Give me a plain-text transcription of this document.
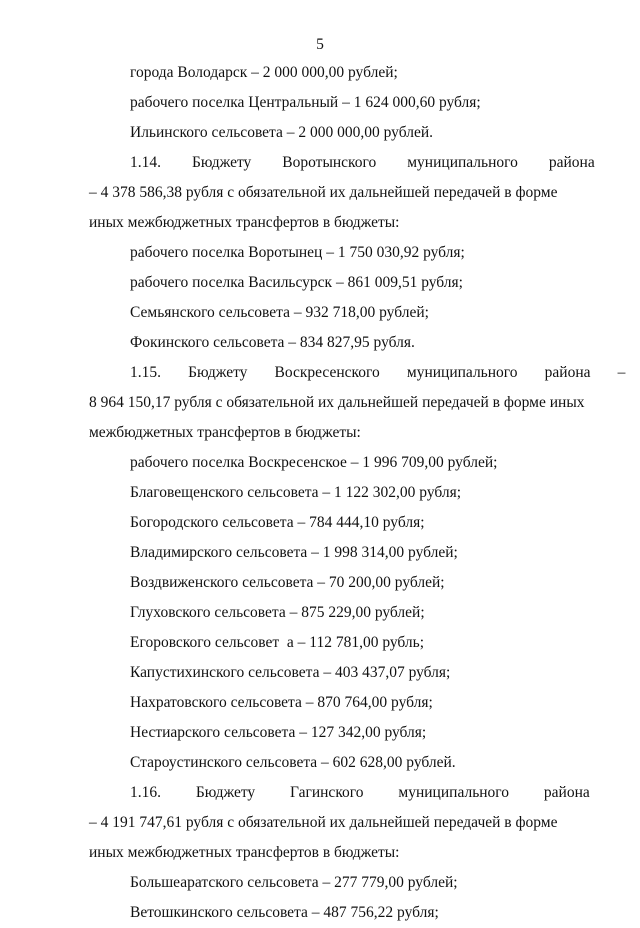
5
города Володарск – 2 000 000,00 рублей;
рабочего поселка Центральный – 1 624 000,60 рубля;
Ильинского сельсовета – 2 000 000,00 рублей.
1.14.        Бюджету        Воротынского        муниципального        района
– 4 378 586,38 рубля с обязательной их дальнейшей передачей в форме
иных межбюджетных трансфертов в бюджеты:
рабочего поселка Воротынец – 1 750 030,92 рубля;
рабочего поселка Васильсурск – 861 009,51 рубля;
Семьянского сельсовета – 932 718,00 рублей;
Фокинского сельсовета – 834 827,95 рубля.
1.15.       Бюджету       Воскресенского       муниципального       района       –
8 964 150,17 рубля с обязательной их дальнейшей передачей в форме иных
межбюджетных трансфертов в бюджеты:
рабочего поселка Воскресенское – 1 996 709,00 рублей;
Благовещенского сельсовета – 1 122 302,00 рубля;
Богородского сельсовета – 784 444,10 рубля;
Владимирского сельсовета – 1 998 314,00 рублей;
Воздвиженского сельсовета – 70 200,00 рублей;
Глуховского сельсовета – 875 229,00 рублей;
Егоровского сельсовет  а – 112 781,00 рубль;
Капустихинского сельсовета – 403 437,07 рубля;
Нахратовского сельсовета – 870 764,00 рубля;
Нестиарского сельсовета – 127 342,00 рубля;
Староустинского сельсовета – 602 628,00 рублей.
1.16.         Бюджету         Гагинского         муниципального         района
– 4 191 747,61 рубля с обязательной их дальнейшей передачей в форме
иных межбюджетных трансфертов в бюджеты:
Большеаратского сельсовета – 277 779,00 рублей;
Ветошкинского сельсовета – 487 756,22 рубля;
